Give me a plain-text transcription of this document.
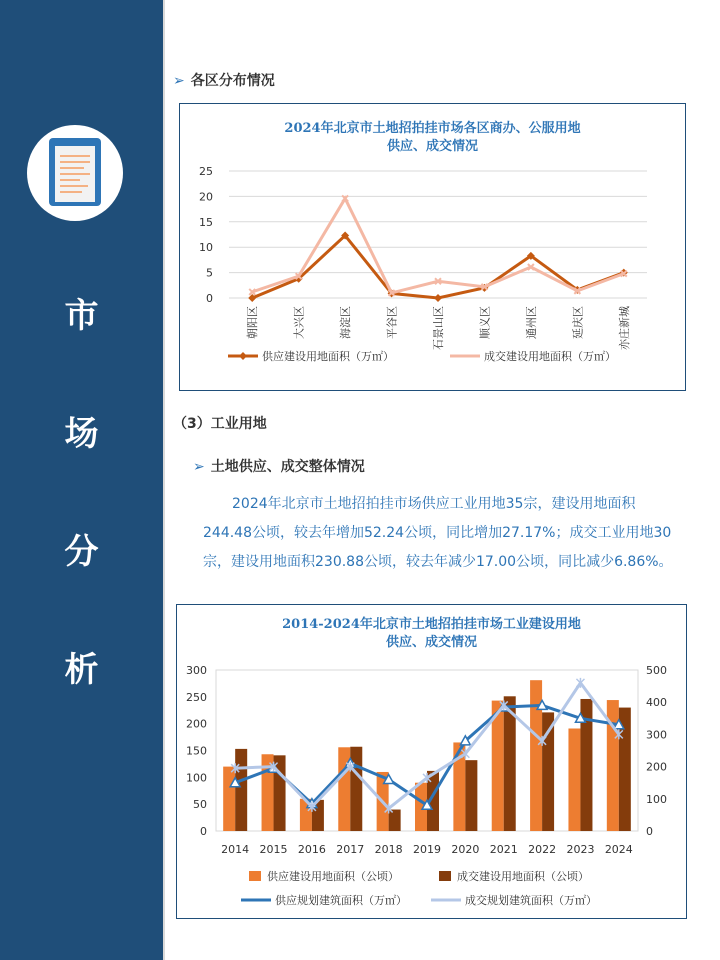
市
场
分
析
➢ 各区分布情况
（3）工业用地
➢ 土地供应、成交整体情况
2024年北京市土地招拍挂市场供应工业用地35宗，建设用地面积244.48公顷，较去年增加52.24公顷，同比增加27.17%；成交工业用地30宗，建设用地面积230.88公顷，较去年减少17.00公顷，同比减少6.86%。
2024年北京市土地招拍挂市场各区商办、公服用地
供应、成交情况
0
5
10
15
20
25
朝阳区	大兴区	海淀区	平谷区	石景山区	顺义区	通州区	延庆区	亦庄新城
供应建设用地面积（万㎡）	成交建设用地面积（万㎡）
2014-2024年北京市土地招拍挂市场工业建设用地
供应、成交情况
0
50
100
150
200
250
300
0
100
200
300
400
500
2014 2015 2016 2017 2018 2019 2020 2021 2022 2023 2024
供应建设用地面积（公顷）	成交建设用地面积（公顷）
供应规划建筑面积（万㎡）	成交规划建筑面积（万㎡）
